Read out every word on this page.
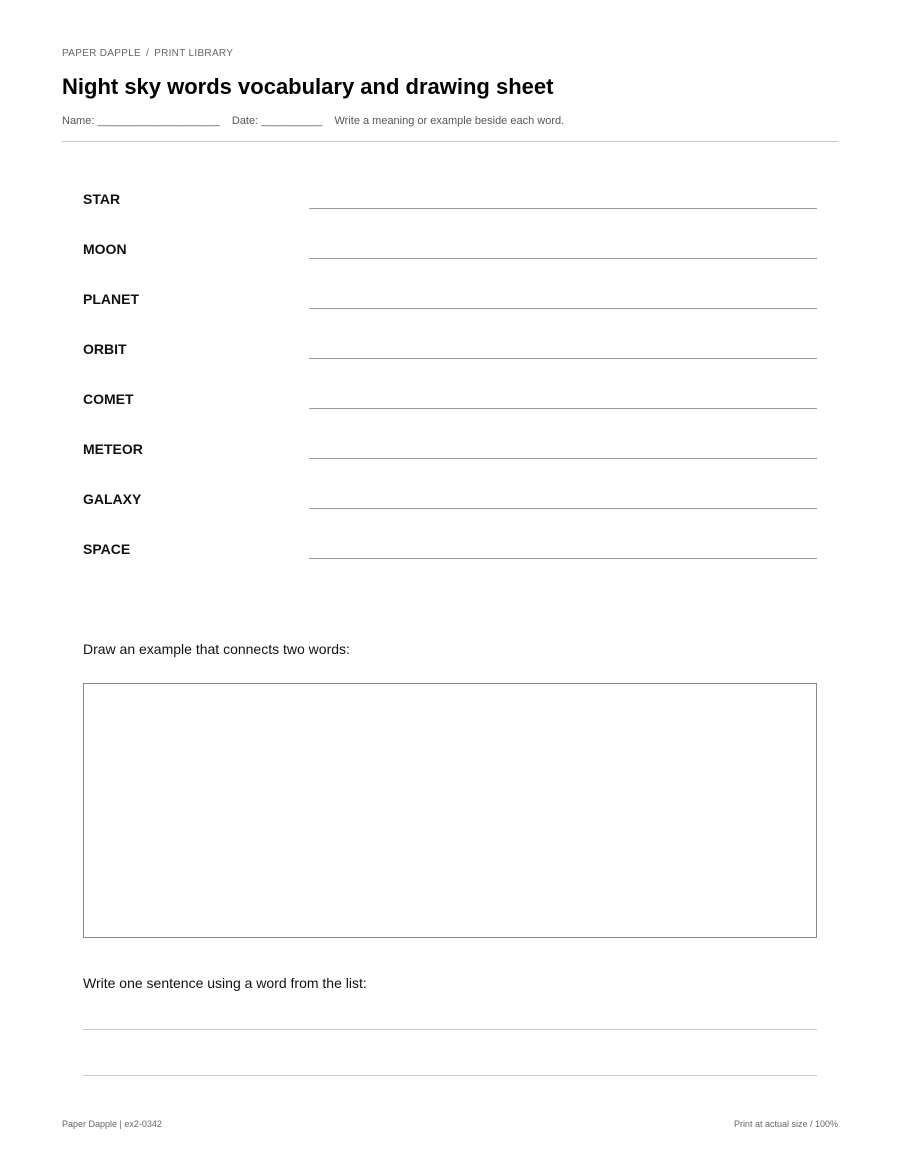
PAPER DAPPLE / PRINT LIBRARY
Night sky words vocabulary and drawing sheet
Name: ____________________ Date: __________ Write a meaning or example beside each word.
STAR
MOON
PLANET
ORBIT
COMET
METEOR
GALAXY
SPACE
Draw an example that connects two words:
Write one sentence using a word from the list:
Paper Dapple | ex2-0342	Print at actual size / 100%
